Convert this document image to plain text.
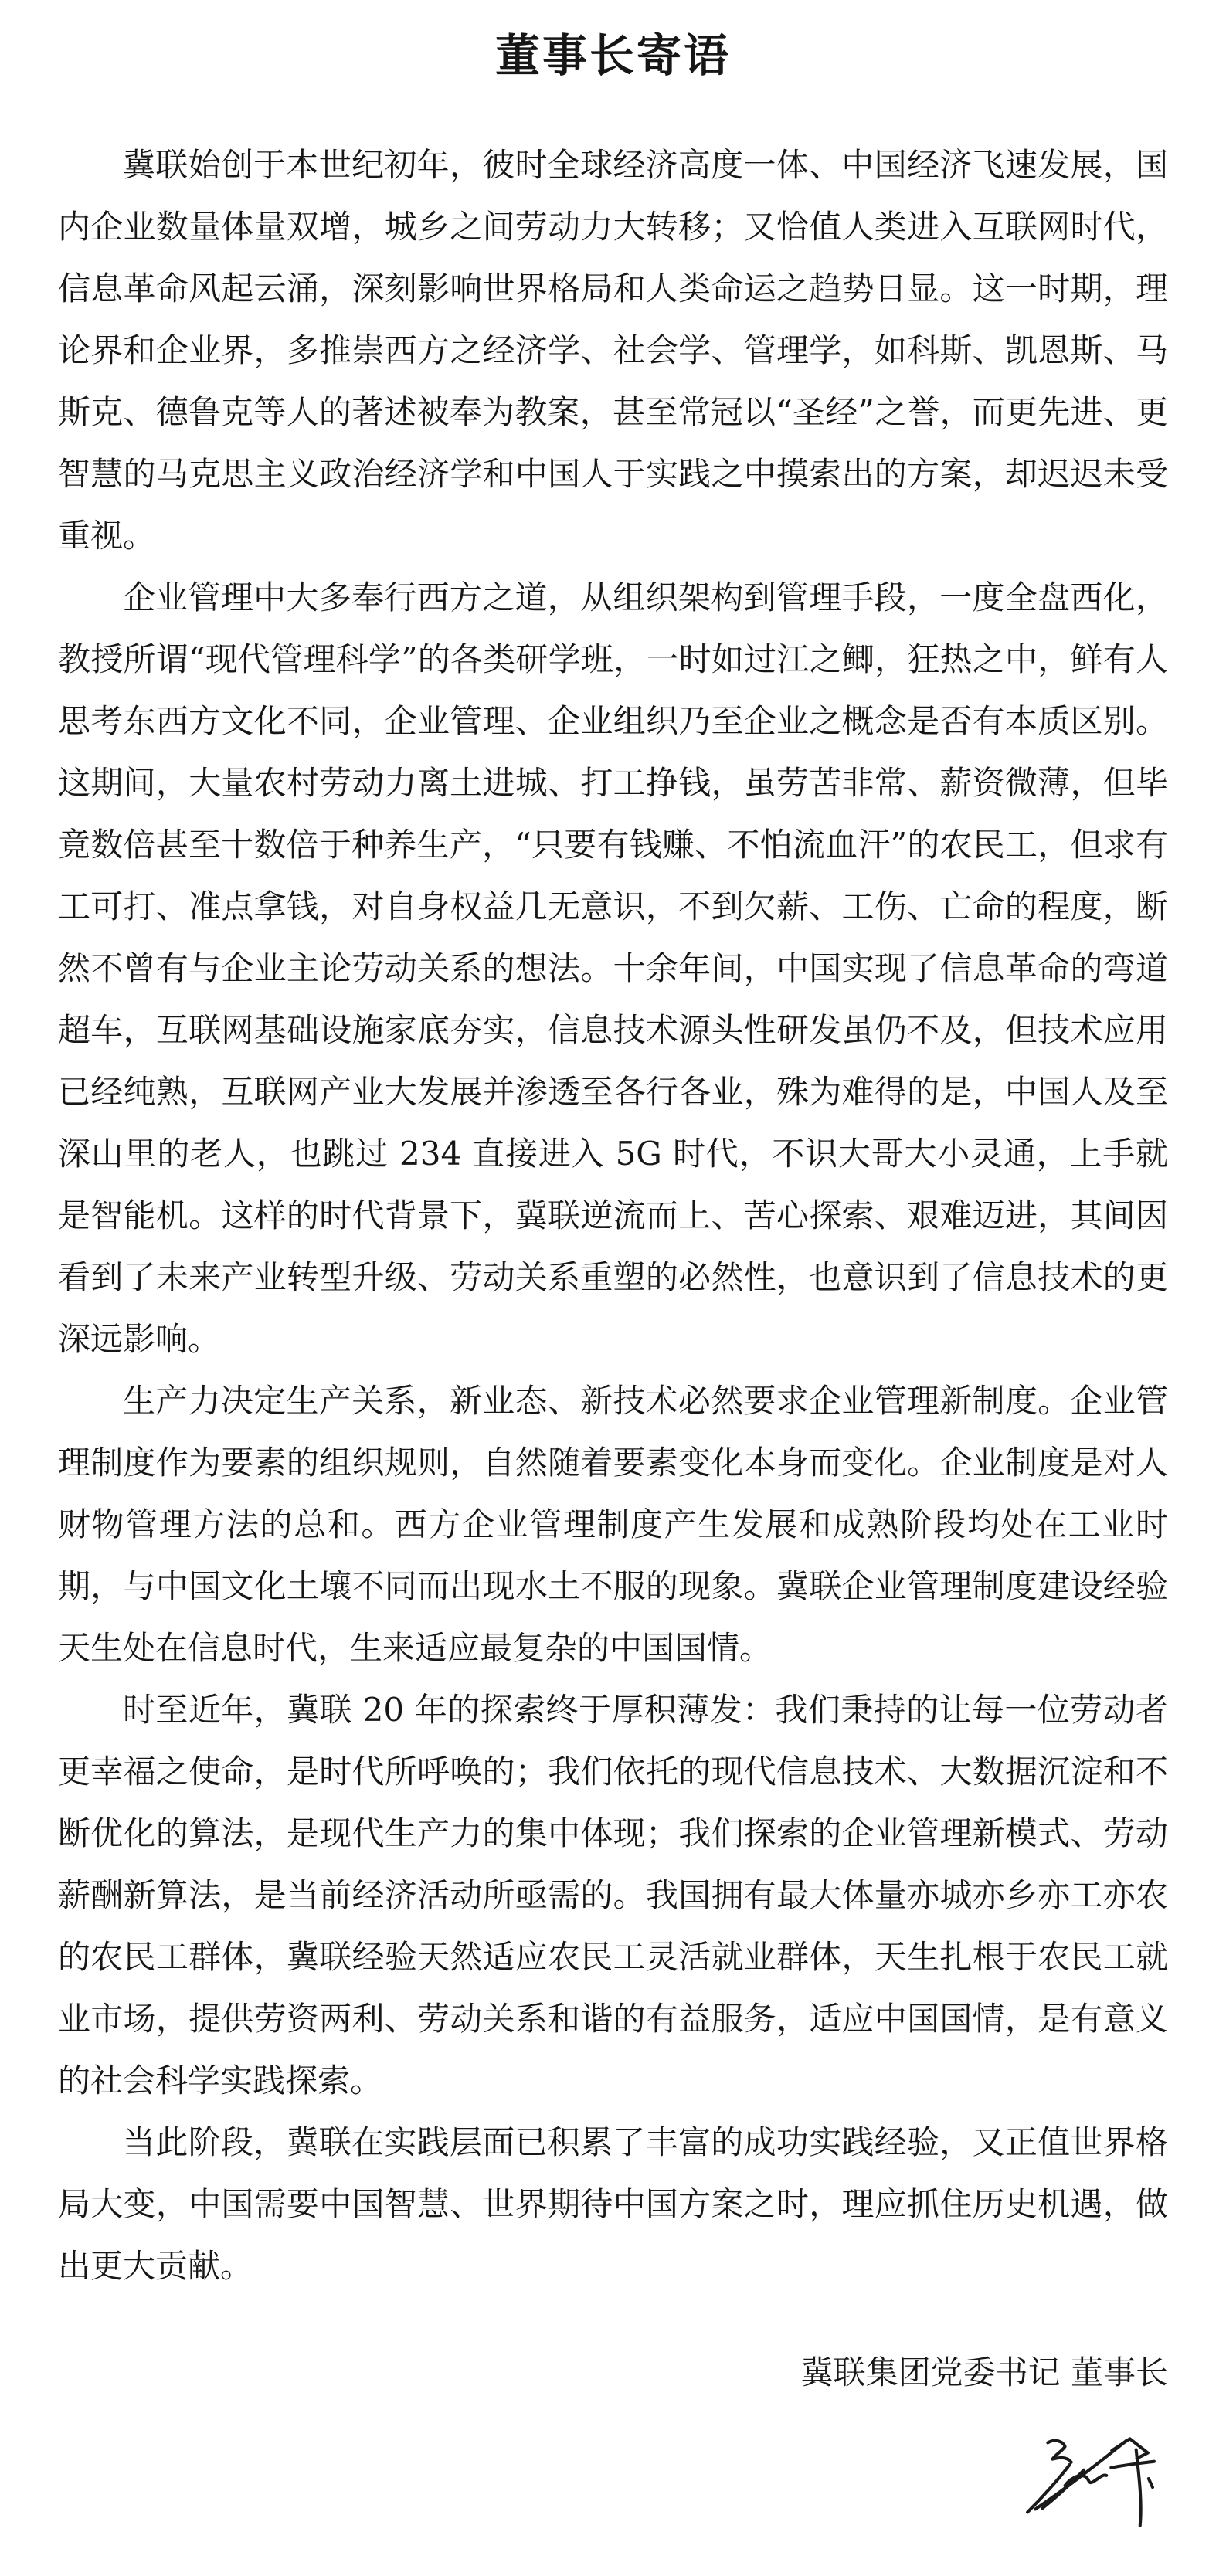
董事长寄语

冀联始创于本世纪初年，彼时全球经济高度一体、中国经济飞速发展，国内企业数量体量双增，城乡之间劳动力大转移；又恰值人类进入互联网时代，信息革命风起云涌，深刻影响世界格局和人类命运之趋势日显。这一时期，理论界和企业界，多推崇西方之经济学、社会学、管理学，如科斯、凯恩斯、马斯克、德鲁克等人的著述被奉为教案，甚至常冠以“圣经”之誉，而更先进、更智慧的马克思主义政治经济学和中国人于实践之中摸索出的方案，却迟迟未受重视。

企业管理中大多奉行西方之道，从组织架构到管理手段，一度全盘西化，教授所谓“现代管理科学”的各类研学班，一时如过江之鲫，狂热之中，鲜有人思考东西方文化不同，企业管理、企业组织乃至企业之概念是否有本质区别。这期间，大量农村劳动力离土进城、打工挣钱，虽劳苦非常、薪资微薄，但毕竟数倍甚至十数倍于种养生产，“只要有钱赚、不怕流血汗”的农民工，但求有工可打、准点拿钱，对自身权益几无意识，不到欠薪、工伤、亡命的程度，断然不曾有与企业主论劳动关系的想法。十余年间，中国实现了信息革命的弯道超车，互联网基础设施家底夯实，信息技术源头性研发虽仍不及，但技术应用已经纯熟，互联网产业大发展并渗透至各行各业，殊为难得的是，中国人及至深山里的老人，也跳过 234 直接进入 5G 时代，不识大哥大小灵通，上手就是智能机。这样的时代背景下，冀联逆流而上、苦心探索、艰难迈进，其间因看到了未来产业转型升级、劳动关系重塑的必然性，也意识到了信息技术的更深远影响。

生产力决定生产关系，新业态、新技术必然要求企业管理新制度。企业管理制度作为要素的组织规则，自然随着要素变化本身而变化。企业制度是对人财物管理方法的总和。西方企业管理制度产生发展和成熟阶段均处在工业时期，与中国文化土壤不同而出现水土不服的现象。冀联企业管理制度建设经验天生处在信息时代，生来适应最复杂的中国国情。

时至近年，冀联 20 年的探索终于厚积薄发：我们秉持的让每一位劳动者更幸福之使命，是时代所呼唤的；我们依托的现代信息技术、大数据沉淀和不断优化的算法，是现代生产力的集中体现；我们探索的企业管理新模式、劳动薪酬新算法，是当前经济活动所亟需的。我国拥有最大体量亦城亦乡亦工亦农的农民工群体，冀联经验天然适应农民工灵活就业群体，天生扎根于农民工就业市场，提供劳资两利、劳动关系和谐的有益服务，适应中国国情，是有意义的社会科学实践探索。

当此阶段，冀联在实践层面已积累了丰富的成功实践经验，又正值世界格局大变，中国需要中国智慧、世界期待中国方案之时，理应抓住历史机遇，做出更大贡献。

冀联集团党委书记 董事长
